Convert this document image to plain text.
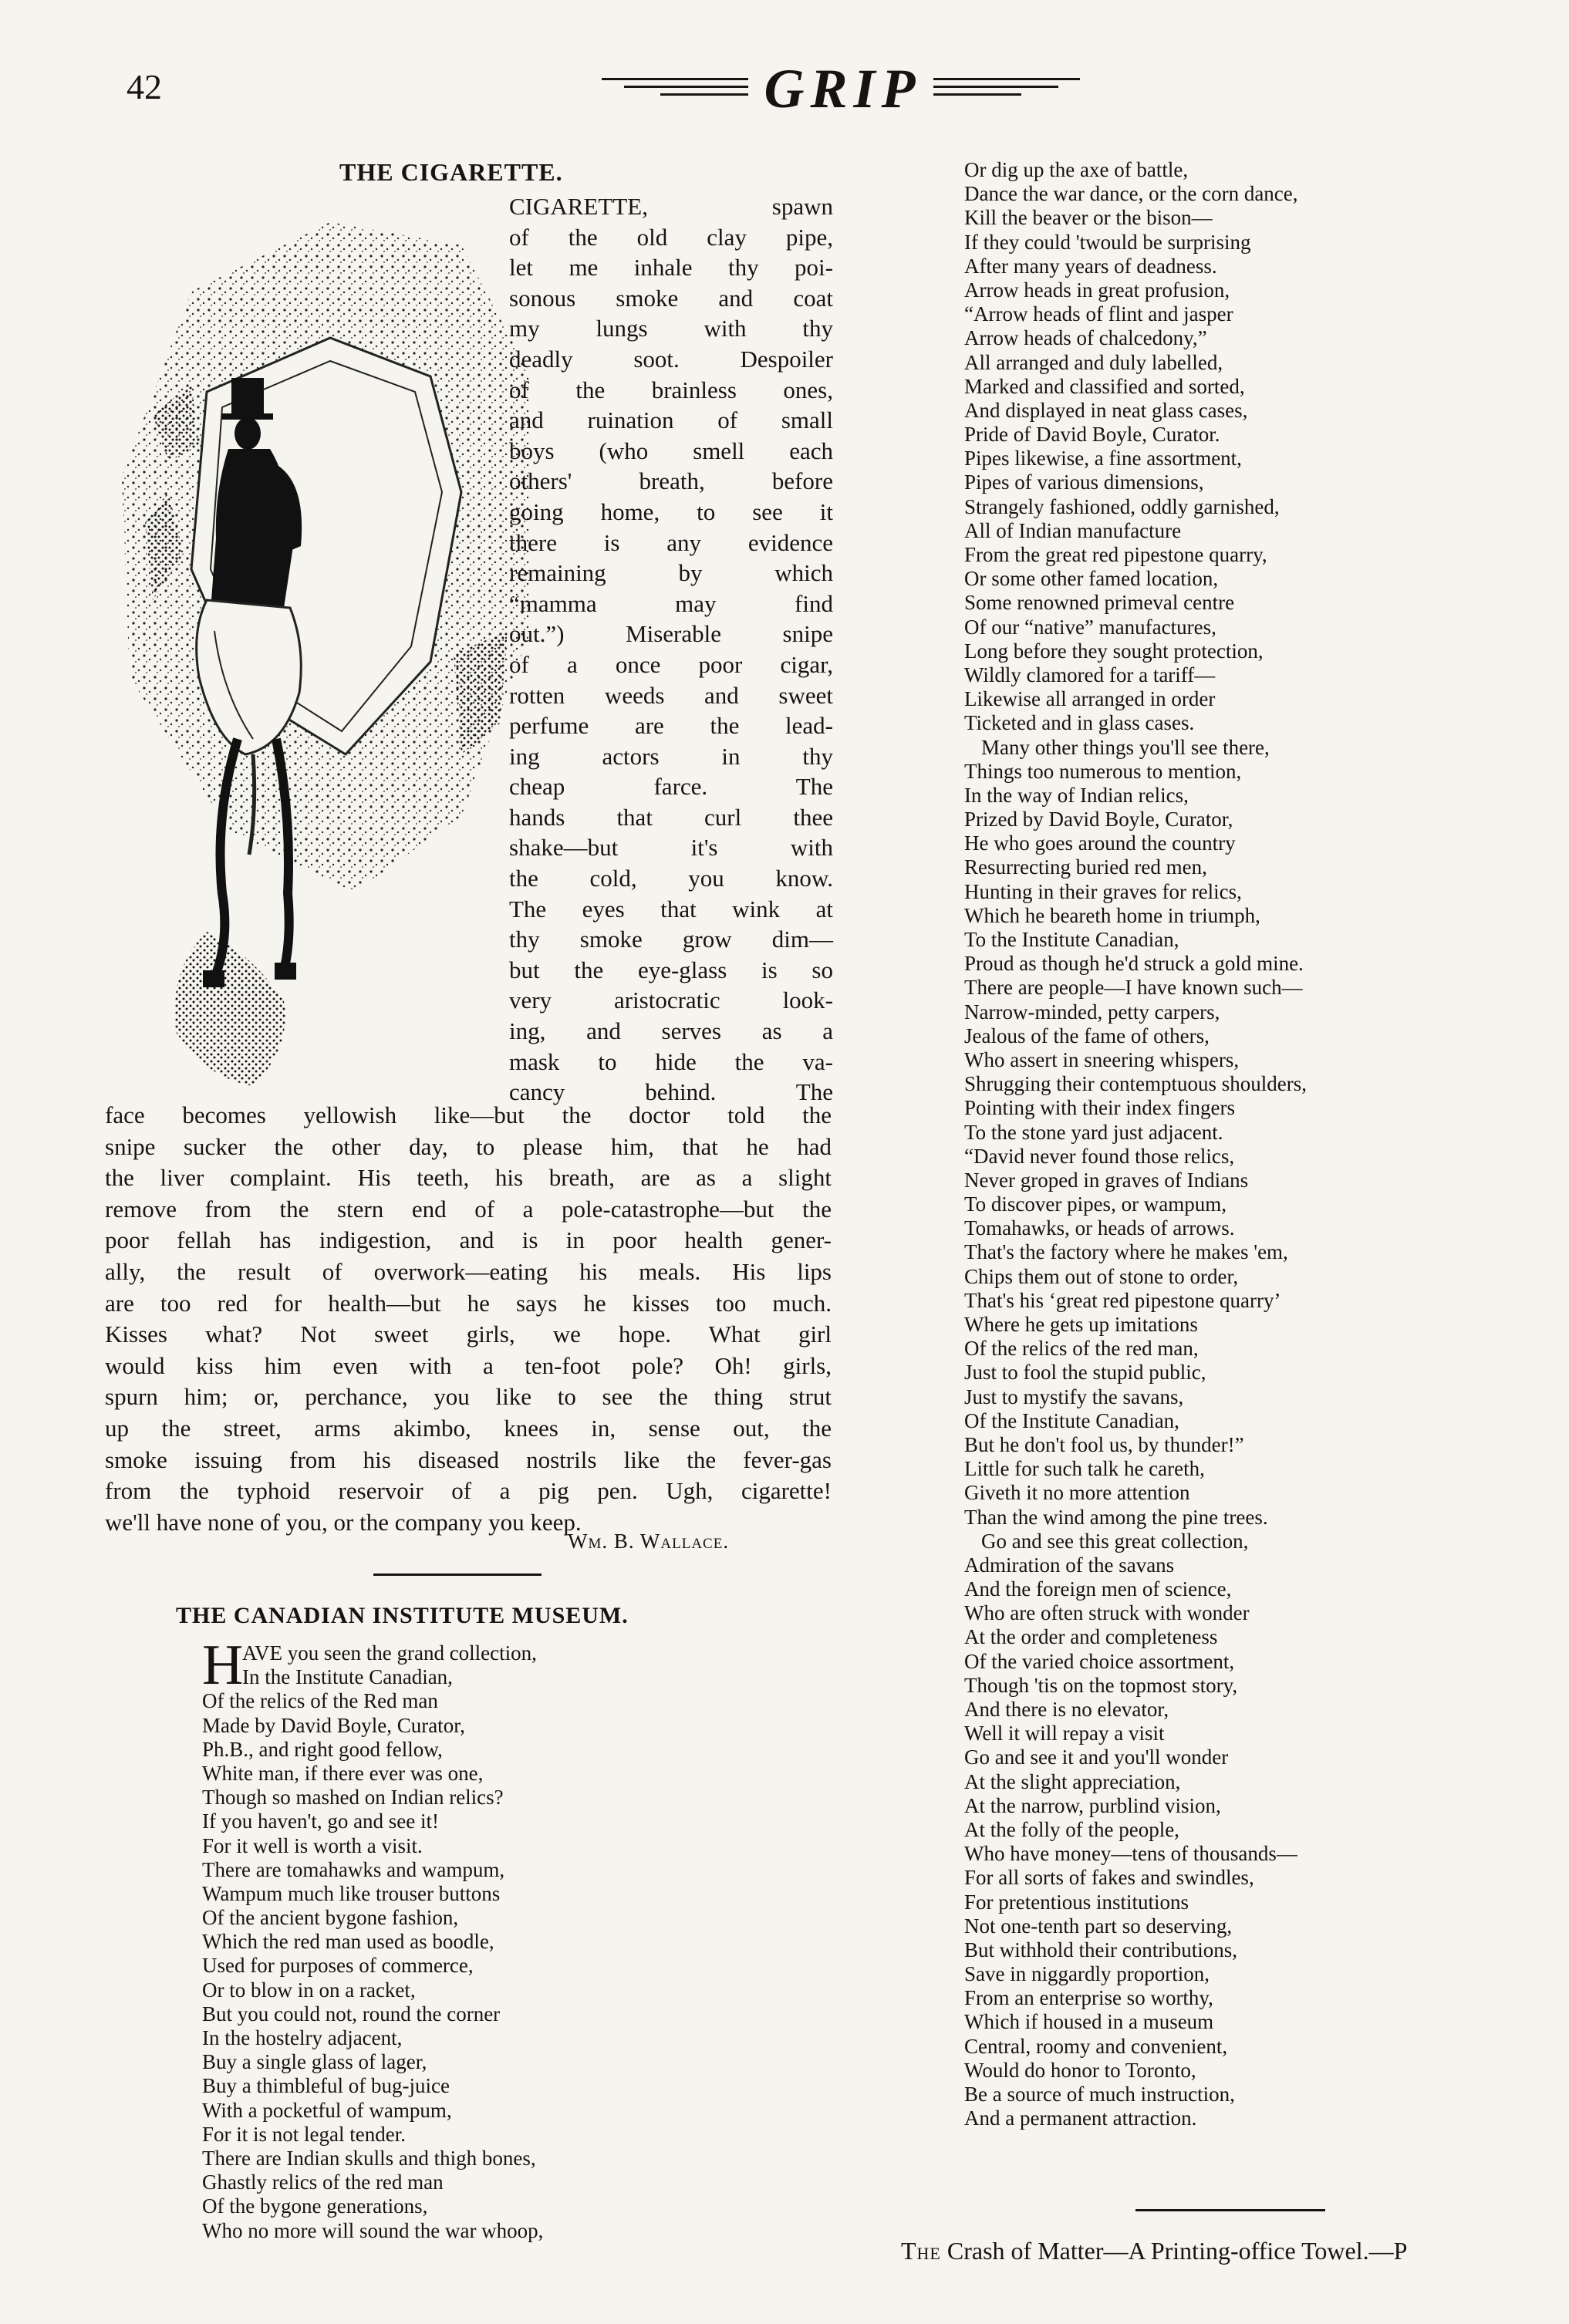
42	GRIP
THE CIGARETTE.
CIGARETTE, spawn
of the old clay pipe,
let me inhale thy poi-
sonous smoke and coat
my lungs with thy
deadly soot. Despoiler
of the brainless ones,
and ruination of small
boys (who smell each
others' breath, before
going home, to see it
there is any evidence
remaining by which
“mamma may find
out.”) Miserable snipe
of a once poor cigar,
rotten weeds and sweet
perfume are the lead-
ing actors in thy
cheap farce. The
hands that curl thee
shake—but it's with
the cold, you know.
The eyes that wink at
thy smoke grow dim—
but the eye-glass is so
very aristocratic look-
ing, and serves as a
mask to hide the va-
cancy behind. The
face becomes yellowish like—but the doctor told the
snipe sucker the other day, to please him, that he had
the liver complaint. His teeth, his breath, are as a slight
remove from the stern end of a pole-catastrophe—but the
poor fellah has indigestion, and is in poor health gener-
ally, the result of overwork—eating his meals. His lips
are too red for health—but he says he kisses too much.
Kisses what? Not sweet girls, we hope. What girl
would kiss him even with a ten-foot pole? Oh! girls,
spurn him; or, perchance, you like to see the thing strut
up the street, arms akimbo, knees in, sense out, the
smoke issuing from his diseased nostrils like the fever-gas
from the typhoid reservoir of a pig pen. Ugh, cigarette!
we'll have none of you, or the company you keep.
Wm. B. Wallace.
THE CANADIAN INSTITUTE MUSEUM.
H
AVE you seen the grand collection,
In the Institute Canadian,
Of the relics of the Red man
Made by David Boyle, Curator,
Ph.B., and right good fellow,
White man, if there ever was one,
Though so mashed on Indian relics?
If you haven't, go and see it!
For it well is worth a visit.
There are tomahawks and wampum,
Wampum much like trouser buttons
Of the ancient bygone fashion,
Which the red man used as boodle,
Used for purposes of commerce,
Or to blow in on a racket,
But you could not, round the corner
In the hostelry adjacent,
Buy a single glass of lager,
Buy a thimbleful of bug-juice
With a pocketful of wampum,
For it is not legal tender.
There are Indian skulls and thigh bones,
Ghastly relics of the red man
Of the bygone generations,
Who no more will sound the war whoop,
Or dig up the axe of battle,
Dance the war dance, or the corn dance,
Kill the beaver or the bison—
If they could 'twould be surprising
After many years of deadness.
Arrow heads in great profusion,
“Arrow heads of flint and jasper
Arrow heads of chalcedony,”
All arranged and duly labelled,
Marked and classified and sorted,
And displayed in neat glass cases,
Pride of David Boyle, Curator.
Pipes likewise, a fine assortment,
Pipes of various dimensions,
Strangely fashioned, oddly garnished,
All of Indian manufacture
From the great red pipestone quarry,
Or some other famed location,
Some renowned primeval centre
Of our “native” manufactures,
Long before they sought protection,
Wildly clamored for a tariff—
Likewise all arranged in order
Ticketed and in glass cases.
Many other things you'll see there,
Things too numerous to mention,
In the way of Indian relics,
Prized by David Boyle, Curator,
He who goes around the country
Resurrecting buried red men,
Hunting in their graves for relics,
Which he beareth home in triumph,
To the Institute Canadian,
Proud as though he'd struck a gold mine.
There are people—I have known such—
Narrow-minded, petty carpers,
Jealous of the fame of others,
Who assert in sneering whispers,
Shrugging their contemptuous shoulders,
Pointing with their index fingers
To the stone yard just adjacent.
“David never found those relics,
Never groped in graves of Indians
To discover pipes, or wampum,
Tomahawks, or heads of arrows.
That's the factory where he makes 'em,
Chips them out of stone to order,
That's his ‘great red pipestone quarry’
Where he gets up imitations
Of the relics of the red man,
Just to fool the stupid public,
Just to mystify the savans,
Of the Institute Canadian,
But he don't fool us, by thunder!”
Little for such talk he careth,
Giveth it no more attention
Than the wind among the pine trees.
Go and see this great collection,
Admiration of the savans
And the foreign men of science,
Who are often struck with wonder
At the order and completeness
Of the varied choice assortment,
Though 'tis on the topmost story,
And there is no elevator,
Well it will repay a visit
Go and see it and you'll wonder
At the slight appreciation,
At the narrow, purblind vision,
At the folly of the people,
Who have money—tens of thousands—
For all sorts of fakes and swindles,
For pretentious institutions
Not one-tenth part so deserving,
But withhold their contributions,
Save in niggardly proportion,
From an enterprise so worthy,
Which if housed in a museum
Central, roomy and convenient,
Would do honor to Toronto,
Be a source of much instruction,
And a permanent attraction.
The Crash of Matter—A Printing-office Towel.—P
